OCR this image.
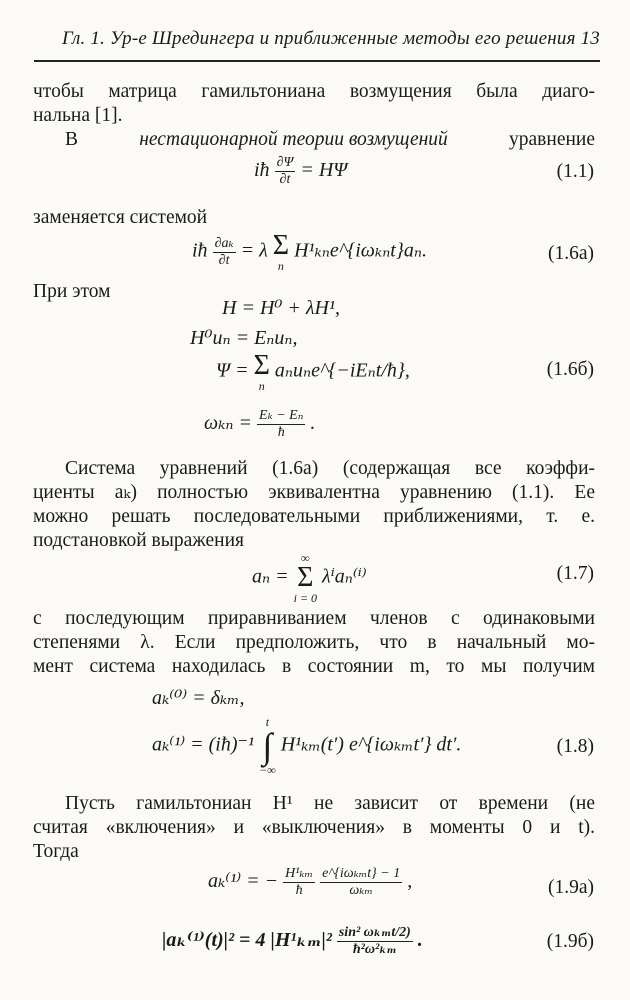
Гл. 1. Ур-е Шредингера и приближенные методы его решения 13
чтобы матрица гамильтониана возмущения была диаго-
нальна [1].
В	нестационарной теории возмущений	уравнение
iħ $\frac{\partial\Psi}{\partial t} = H\Psi$	(1.1)
заменяется системой
iħ $\frac{\text{∂aₖ}}{\partial t} = \lambda$ Σ
n
H¹ₖₙe^{iωₖₙt}aₙ.	(1.6а)
При этом
H = H⁰ + λH¹,
H⁰uₙ = Eₙuₙ,
Ψ = Σ
n
aₙuₙe^{−iEₙt/ħ},	(1.6б)
$\omega_{kn} = \frac{\text{Eₖ − Eₙ}}{ħ}$ .
Система уравнений (1.6а) (содержащая все коэффи-
циенты aₖ) полностью эквивалентна уравнению (1.1). Ее
можно решать последовательными приближениями, т. е.
подстановкой выражения
aₙ =
∞
Σ
i = 0
λⁱaₙ⁽ⁱ⁾	(1.7)
с последующим приравниванием членов с одинаковыми
степенями λ. Если предположить, что в начальный мо-
мент система находилась в состоянии m, то мы получим
aₖ⁽⁰⁾ = δₖₘ,
aₖ⁽¹⁾ = (iħ)⁻¹
t
∫
−∞
H¹ₖₘ(t′) e^{iωₖₘt′} dt′.	(1.8)
Пусть гамильтониан H¹ не зависит от времени (не
считая «включения» и «выключения» в моменты 0 и t).
Тогда
aₖ⁽¹⁾ = − $\frac{\text{H¹ₖₘ}}{ħ}$
$\frac{\text{e\textasciicircum{}\{iωₖₘt\} − 1}}{\text{ωₖₘ}}$ ,	(1.9а)
|aₖ⁽¹⁾(t)|² = 4 $|H^1_{km}|^2 \frac{\text{sin² ωₖₘt/2)}}{\text{ħ²ω²ₖₘ}}$ .	(1.9б)
